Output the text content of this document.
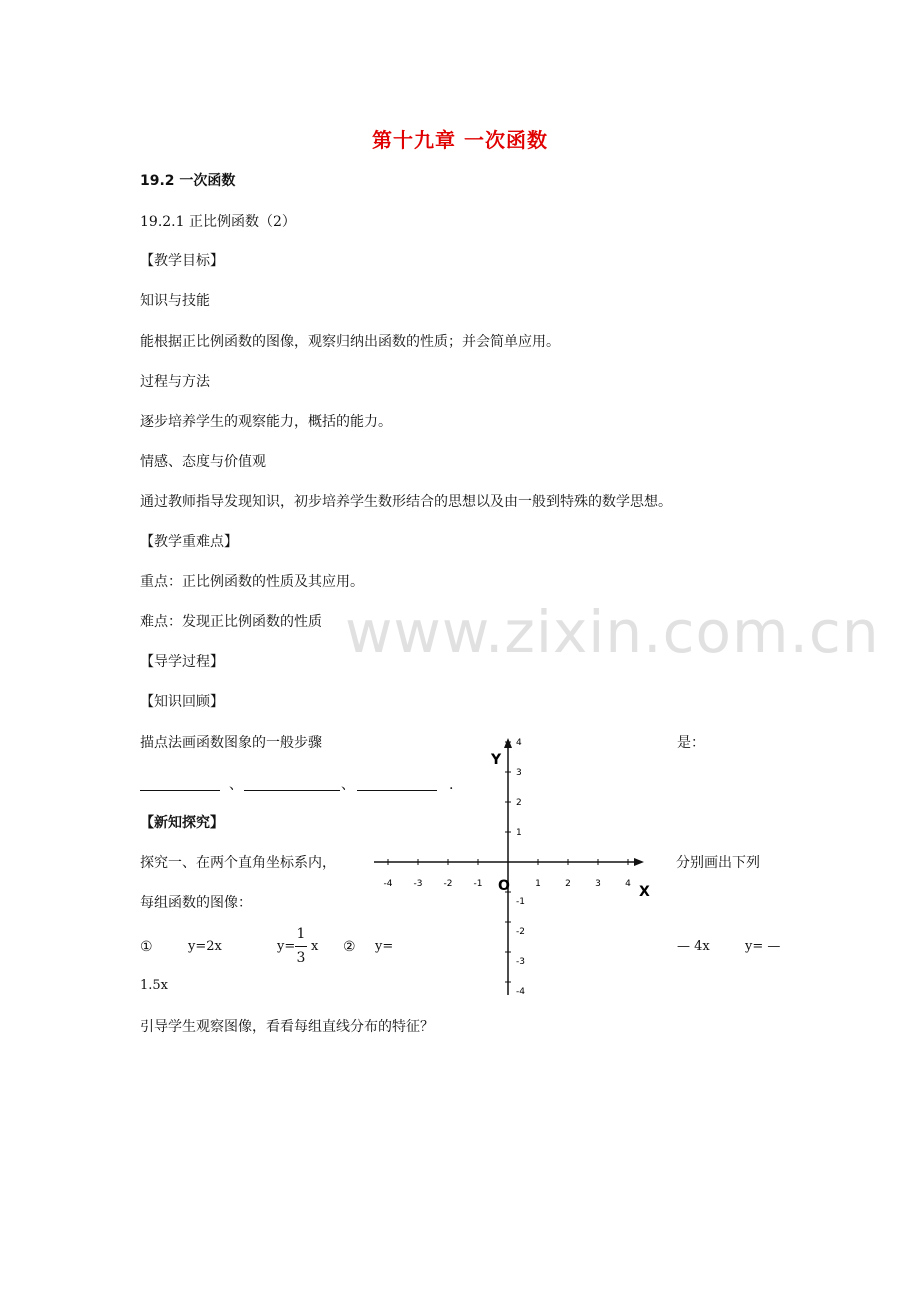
第十九章 一次函数
19.2 一次函数
19.2.1 正比例函数（2）
【教学目标】
知识与技能
能根据正比例函数的图像，观察归纳出函数的性质；并会简单应用。
过程与方法
逐步培养学生的观察能力，概括的能力。
情感、态度与价值观
通过教师指导发现知识，初步培养学生数形结合的思想以及由一般到特殊的数学思想。
【教学重难点】
重点：正比例函数的性质及其应用。
难点：发现正比例函数的性质 www.zixin.com.cn
【导学过程】
【知识回顾】
描点法画函数图象的一般步骤	是：
、	、	.
【新知探究】
探究一、在两个直角坐标系内，	分别画出下列
每组函数的图像：
①	y=2x	y=
1
3
x ② y=	— 4x	y= —
1.5x
引导学生观察图像，看看每组直线分布的特征？
Y
X
O
-4 -3 -2 -1	1	2	3	4
4
3
2
1
-1
-2
-3
-4
